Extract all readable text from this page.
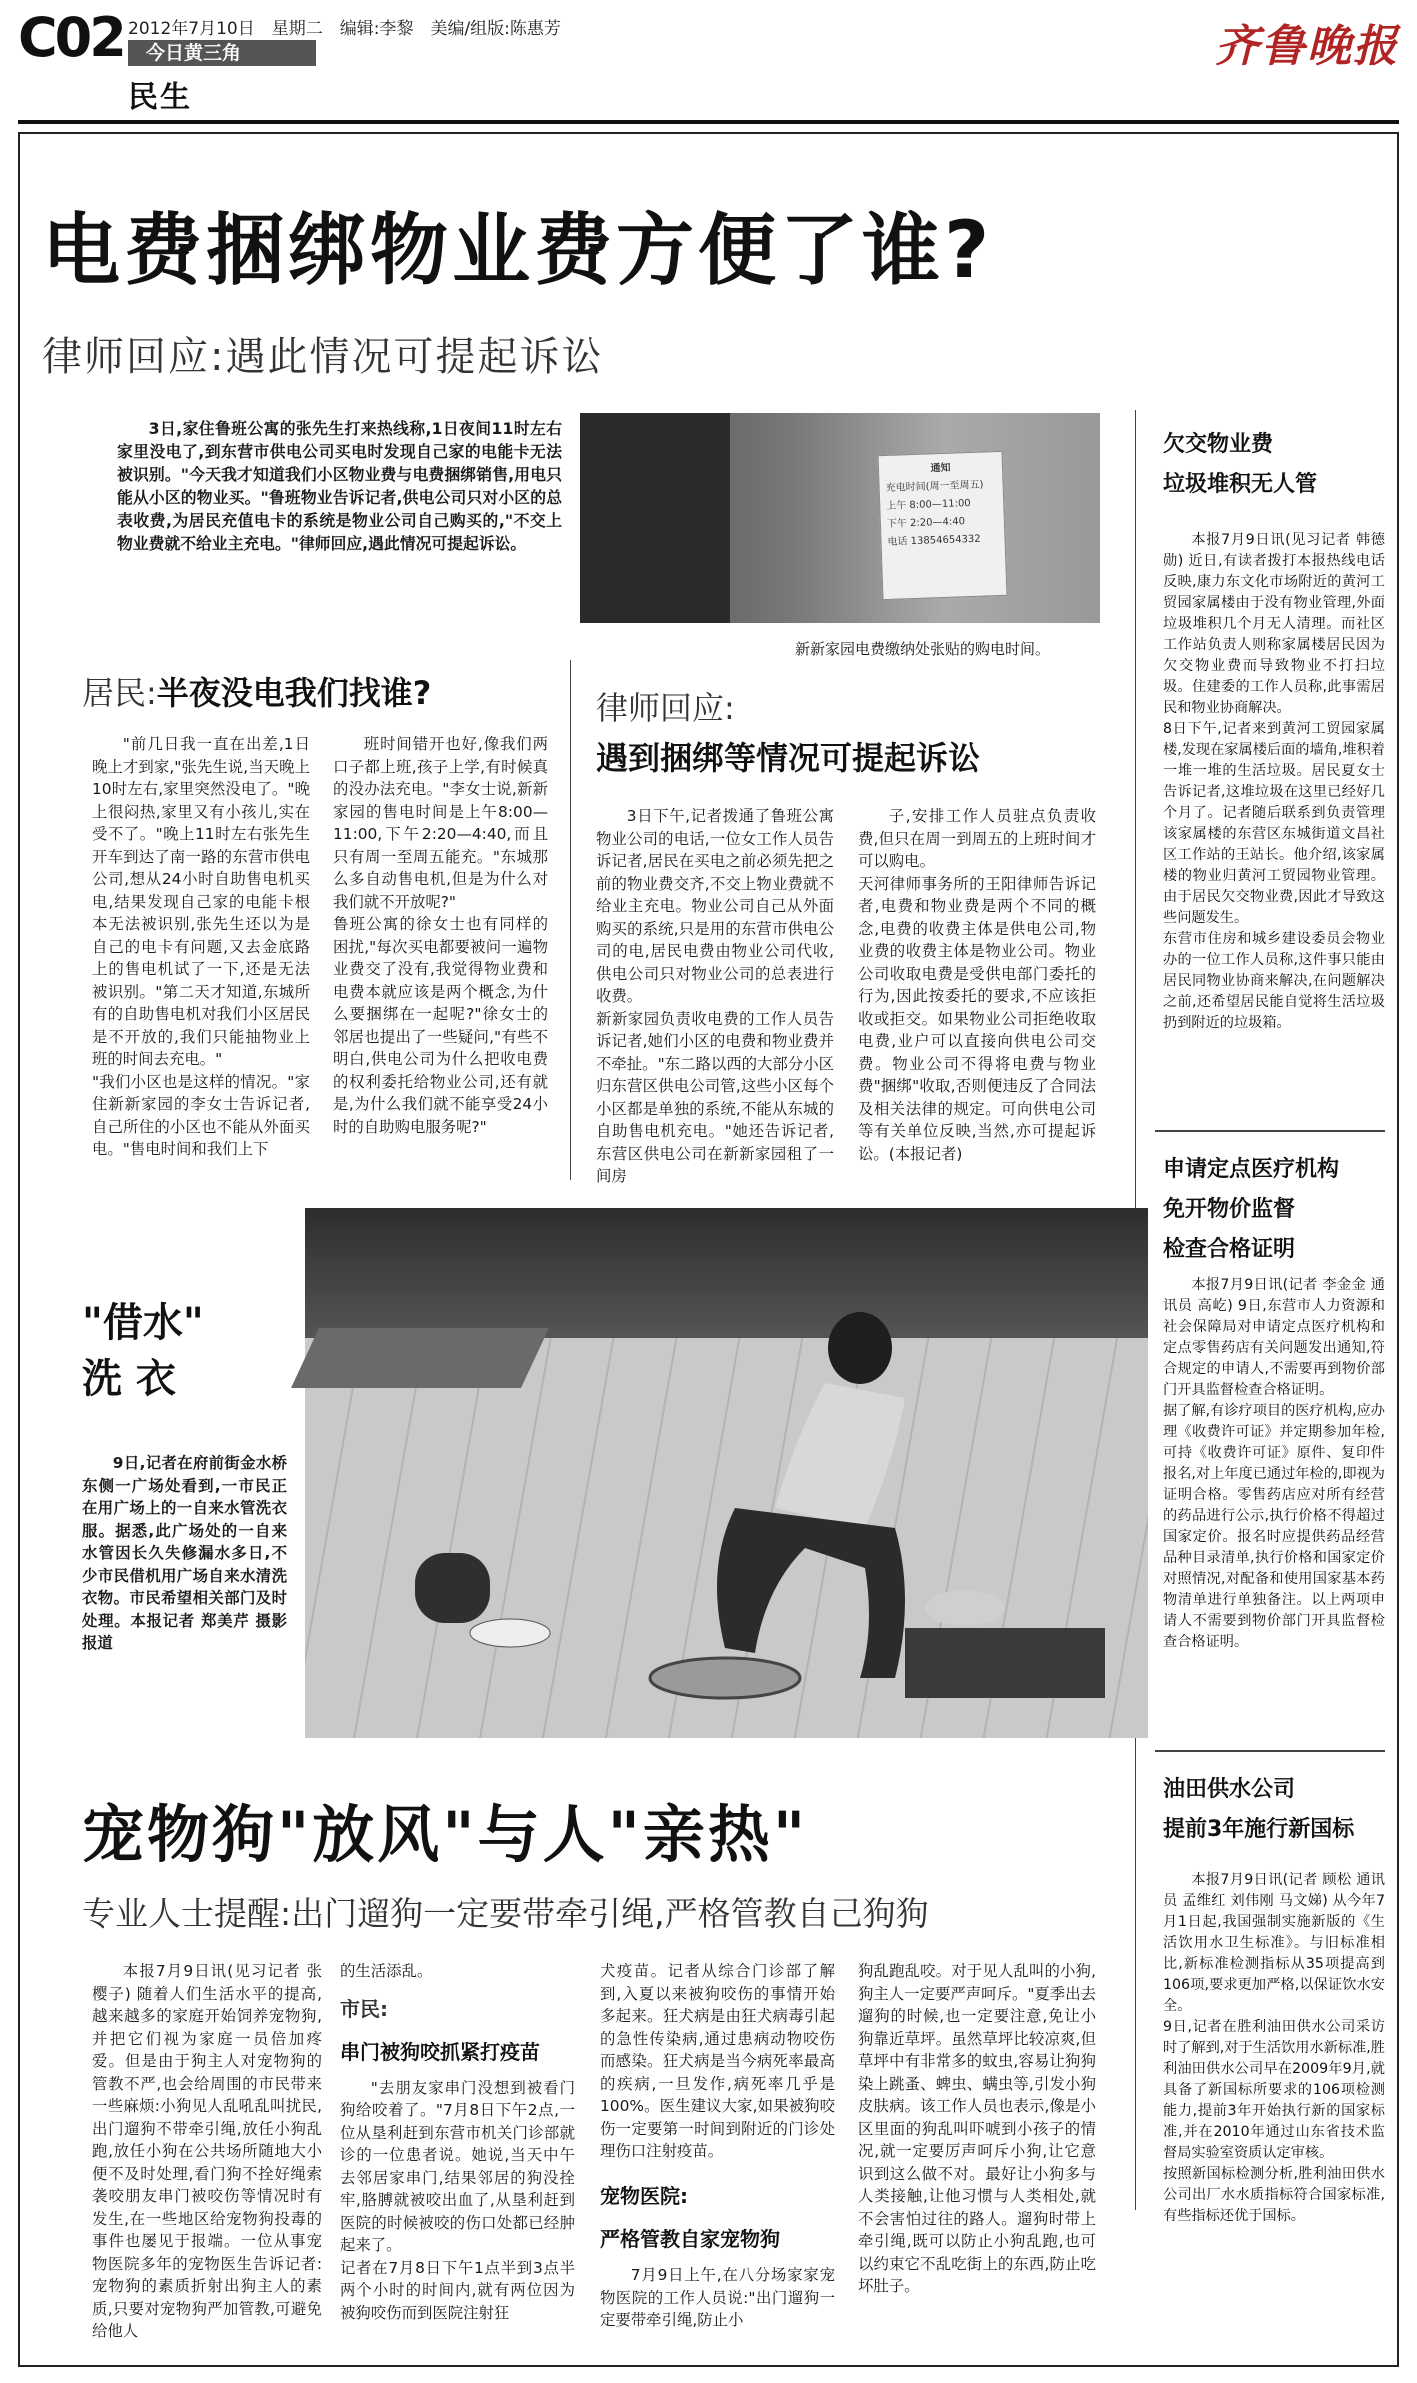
C02 2012年7月10日　星期二　编辑:李黎　美编/组版:陈惠芳
今日黄三角
民生
齐鲁晚报
电费捆绑物业费方便了谁?
律师回应:遇此情况可提起诉讼
3日,家住鲁班公寓的张先生打来热线称,1日夜间11时左右家里没电了,到东营市供电公司买电时发现自己家的电能卡无法被识别。"今天我才知道我们小区物业费与电费捆绑销售,用电只能从小区的物业买。"鲁班物业告诉记者,供电公司只对小区的总表收费,为居民充值电卡的系统是物业公司自己购买的,"不交上物业费就不给业主充电。"律师回应,遇此情况可提起诉讼。
通知
充电时间(周一至周五)
上午 8:00—11:00
下午 2:20—4:40
电话 13854654332
新新家园电费缴纳处张贴的购电时间。
居民:半夜没电我们找谁?
"前几日我一直在出差,1日晚上才到家,"张先生说,当天晚上10时左右,家里突然没电了。"晚上很闷热,家里又有小孩儿,实在受不了。"晚上11时左右张先生开车到达了南一路的东营市供电公司,想从24小时自助售电机买电,结果发现自己家的电能卡根本无法被识别,张先生还以为是自己的电卡有问题,又去金底路上的售电机试了一下,还是无法被识别。"第二天才知道,东城所有的自助售电机对我们小区居民是不开放的,我们只能抽物业上班的时间去充电。"
"我们小区也是这样的情况。"家住新新家园的李女士告诉记者,自己所住的小区也不能从外面买电。"售电时间和我们上下
班时间错开也好,像我们两口子都上班,孩子上学,有时候真的没办法充电。"李女士说,新新家园的售电时间是上午8:00—11:00,下午2:20—4:40,而且只有周一至周五能充。"东城那么多自动售电机,但是为什么对我们就不开放呢?"
鲁班公寓的徐女士也有同样的困扰,"每次买电都要被问一遍物业费交了没有,我觉得物业费和电费本就应该是两个概念,为什么要捆绑在一起呢?"徐女士的邻居也提出了一些疑问,"有些不明白,供电公司为什么把收电费的权利委托给物业公司,还有就是,为什么我们就不能享受24小时的自助购电服务呢?"
律师回应:
遇到捆绑等情况可提起诉讼
3日下午,记者拨通了鲁班公寓物业公司的电话,一位女工作人员告诉记者,居民在买电之前必须先把之前的物业费交齐,不交上物业费就不给业主充电。物业公司自己从外面购买的系统,只是用的东营市供电公司的电,居民电费由物业公司代收,供电公司只对物业公司的总表进行收费。
新新家园负责收电费的工作人员告诉记者,她们小区的电费和物业费并不牵扯。"东二路以西的大部分小区归东营区供电公司管,这些小区每个小区都是单独的系统,不能从东城的自助售电机充电。"她还告诉记者,东营区供电公司在新新家园租了一间房
子,安排工作人员驻点负责收费,但只在周一到周五的上班时间才可以购电。
天河律师事务所的王阳律师告诉记者,电费和物业费是两个不同的概念,电费的收费主体是供电公司,物业费的收费主体是物业公司。物业公司收取电费是受供电部门委托的行为,因此按委托的要求,不应该拒收或拒交。如果物业公司拒绝收取电费,业户可以直接向供电公司交费。物业公司不得将电费与物业费"捆绑"收取,否则便违反了合同法及相关法律的规定。可向供电公司等有关单位反映,当然,亦可提起诉讼。(本报记者)
欠交物业费
垃圾堆积无人管
本报7月9日讯(见习记者 韩德勋) 近日,有读者拨打本报热线电话反映,康力东文化市场附近的黄河工贸园家属楼由于没有物业管理,外面垃圾堆积几个月无人清理。而社区工作站负责人则称家属楼居民因为欠交物业费而导致物业不打扫垃圾。住建委的工作人员称,此事需居民和物业协商解决。
8日下午,记者来到黄河工贸园家属楼,发现在家属楼后面的墙角,堆积着一堆一堆的生活垃圾。居民夏女士告诉记者,这堆垃圾在这里已经好几个月了。记者随后联系到负责管理该家属楼的东营区东城街道文昌社区工作站的王站长。他介绍,该家属楼的物业归黄河工贸园物业管理。由于居民欠交物业费,因此才导致这些问题发生。
东营市住房和城乡建设委员会物业办的一位工作人员称,这件事只能由居民同物业协商来解决,在问题解决之前,还希望居民能自觉将生活垃圾扔到附近的垃圾箱。
申请定点医疗机构
免开物价监督
检查合格证明
本报7月9日讯(记者 李金金 通讯员 高屹) 9日,东营市人力资源和社会保障局对申请定点医疗机构和定点零售药店有关问题发出通知,符合规定的申请人,不需要再到物价部门开具监督检查合格证明。
据了解,有诊疗项目的医疗机构,应办理《收费许可证》并定期参加年检,可持《收费许可证》原件、复印件报名,对上年度已通过年检的,即视为证明合格。零售药店应对所有经营的药品进行公示,执行价格不得超过国家定价。报名时应提供药品经营品种目录清单,执行价格和国家定价对照情况,对配备和使用国家基本药物清单进行单独备注。以上两项申请人不需要到物价部门开具监督检查合格证明。
油田供水公司
提前3年施行新国标
本报7月9日讯(记者 顾松 通讯员 孟维红 刘伟刚 马文娣) 从今年7月1日起,我国强制实施新版的《生活饮用水卫生标准》。与旧标准相比,新标准检测指标从35项提高到106项,要求更加严格,以保证饮水安全。
9日,记者在胜利油田供水公司采访时了解到,对于生活饮用水新标准,胜利油田供水公司早在2009年9月,就具备了新国标所要求的106项检测能力,提前3年开始执行新的国家标准,并在2010年通过山东省技术监督局实验室资质认定审核。
按照新国标检测分析,胜利油田供水公司出厂水水质指标符合国家标准,有些指标还优于国标。
"借水"
洗 衣
9日,记者在府前街金水桥东侧一广场处看到,一市民正在用广场上的一自来水管洗衣服。据悉,此广场处的一自来水管因长久失修漏水多日,不少市民借机用广场自来水清洗衣物。市民希望相关部门及时处理。本报记者 郑美芹 摄影报道
宠物狗"放风"与人"亲热"
专业人士提醒:出门遛狗一定要带牵引绳,严格管教自己狗狗
本报7月9日讯(见习记者 张樱子) 随着人们生活水平的提高,越来越多的家庭开始饲养宠物狗,并把它们视为家庭一员倍加疼爱。但是由于狗主人对宠物狗的管教不严,也会给周围的市民带来一些麻烦:小狗见人乱吼乱叫扰民,出门遛狗不带牵引绳,放任小狗乱跑,放任小狗在公共场所随地大小便不及时处理,看门狗不拴好绳索袭咬朋友串门被咬伤等情况时有发生,在一些地区给宠物狗投毒的事件也屡见于报端。一位从事宠物医院多年的宠物医生告诉记者:宠物狗的素质折射出狗主人的素质,只要对宠物狗严加管教,可避免给他人
的生活添乱。
市民:
串门被狗咬抓紧打疫苗
"去朋友家串门没想到被看门狗给咬着了。"7月8日下午2点,一位从垦利赶到东营市机关门诊部就诊的一位患者说。她说,当天中午去邻居家串门,结果邻居的狗没拴牢,胳膊就被咬出血了,从垦利赶到医院的时候被咬的伤口处都已经肿起来了。
记者在7月8日下午1点半到3点半两个小时的时间内,就有两位因为被狗咬伤而到医院注射狂
犬疫苗。记者从综合门诊部了解到,入夏以来被狗咬伤的事情开始多起来。狂犬病是由狂犬病毒引起的急性传染病,通过患病动物咬伤而感染。狂犬病是当今病死率最高的疾病,一旦发作,病死率几乎是100%。医生建议大家,如果被狗咬伤一定要第一时间到附近的门诊处理伤口注射疫苗。
宠物医院:
严格管教自家宠物狗
7月9日上午,在八分场家家宠物医院的工作人员说:"出门遛狗一定要带牵引绳,防止小
狗乱跑乱咬。对于见人乱叫的小狗,狗主人一定要严声呵斥。"夏季出去遛狗的时候,也一定要注意,免让小狗靠近草坪。虽然草坪比较凉爽,但草坪中有非常多的蚊虫,容易让狗狗染上跳蚤、蜱虫、螨虫等,引发小狗皮肤病。该工作人员也表示,像是小区里面的狗乱叫吓唬到小孩子的情况,就一定要厉声呵斥小狗,让它意识到这么做不对。最好让小狗多与人类接触,让他习惯与人类相处,就不会害怕过往的路人。遛狗时带上牵引绳,既可以防止小狗乱跑,也可以约束它不乱吃街上的东西,防止吃坏肚子。
